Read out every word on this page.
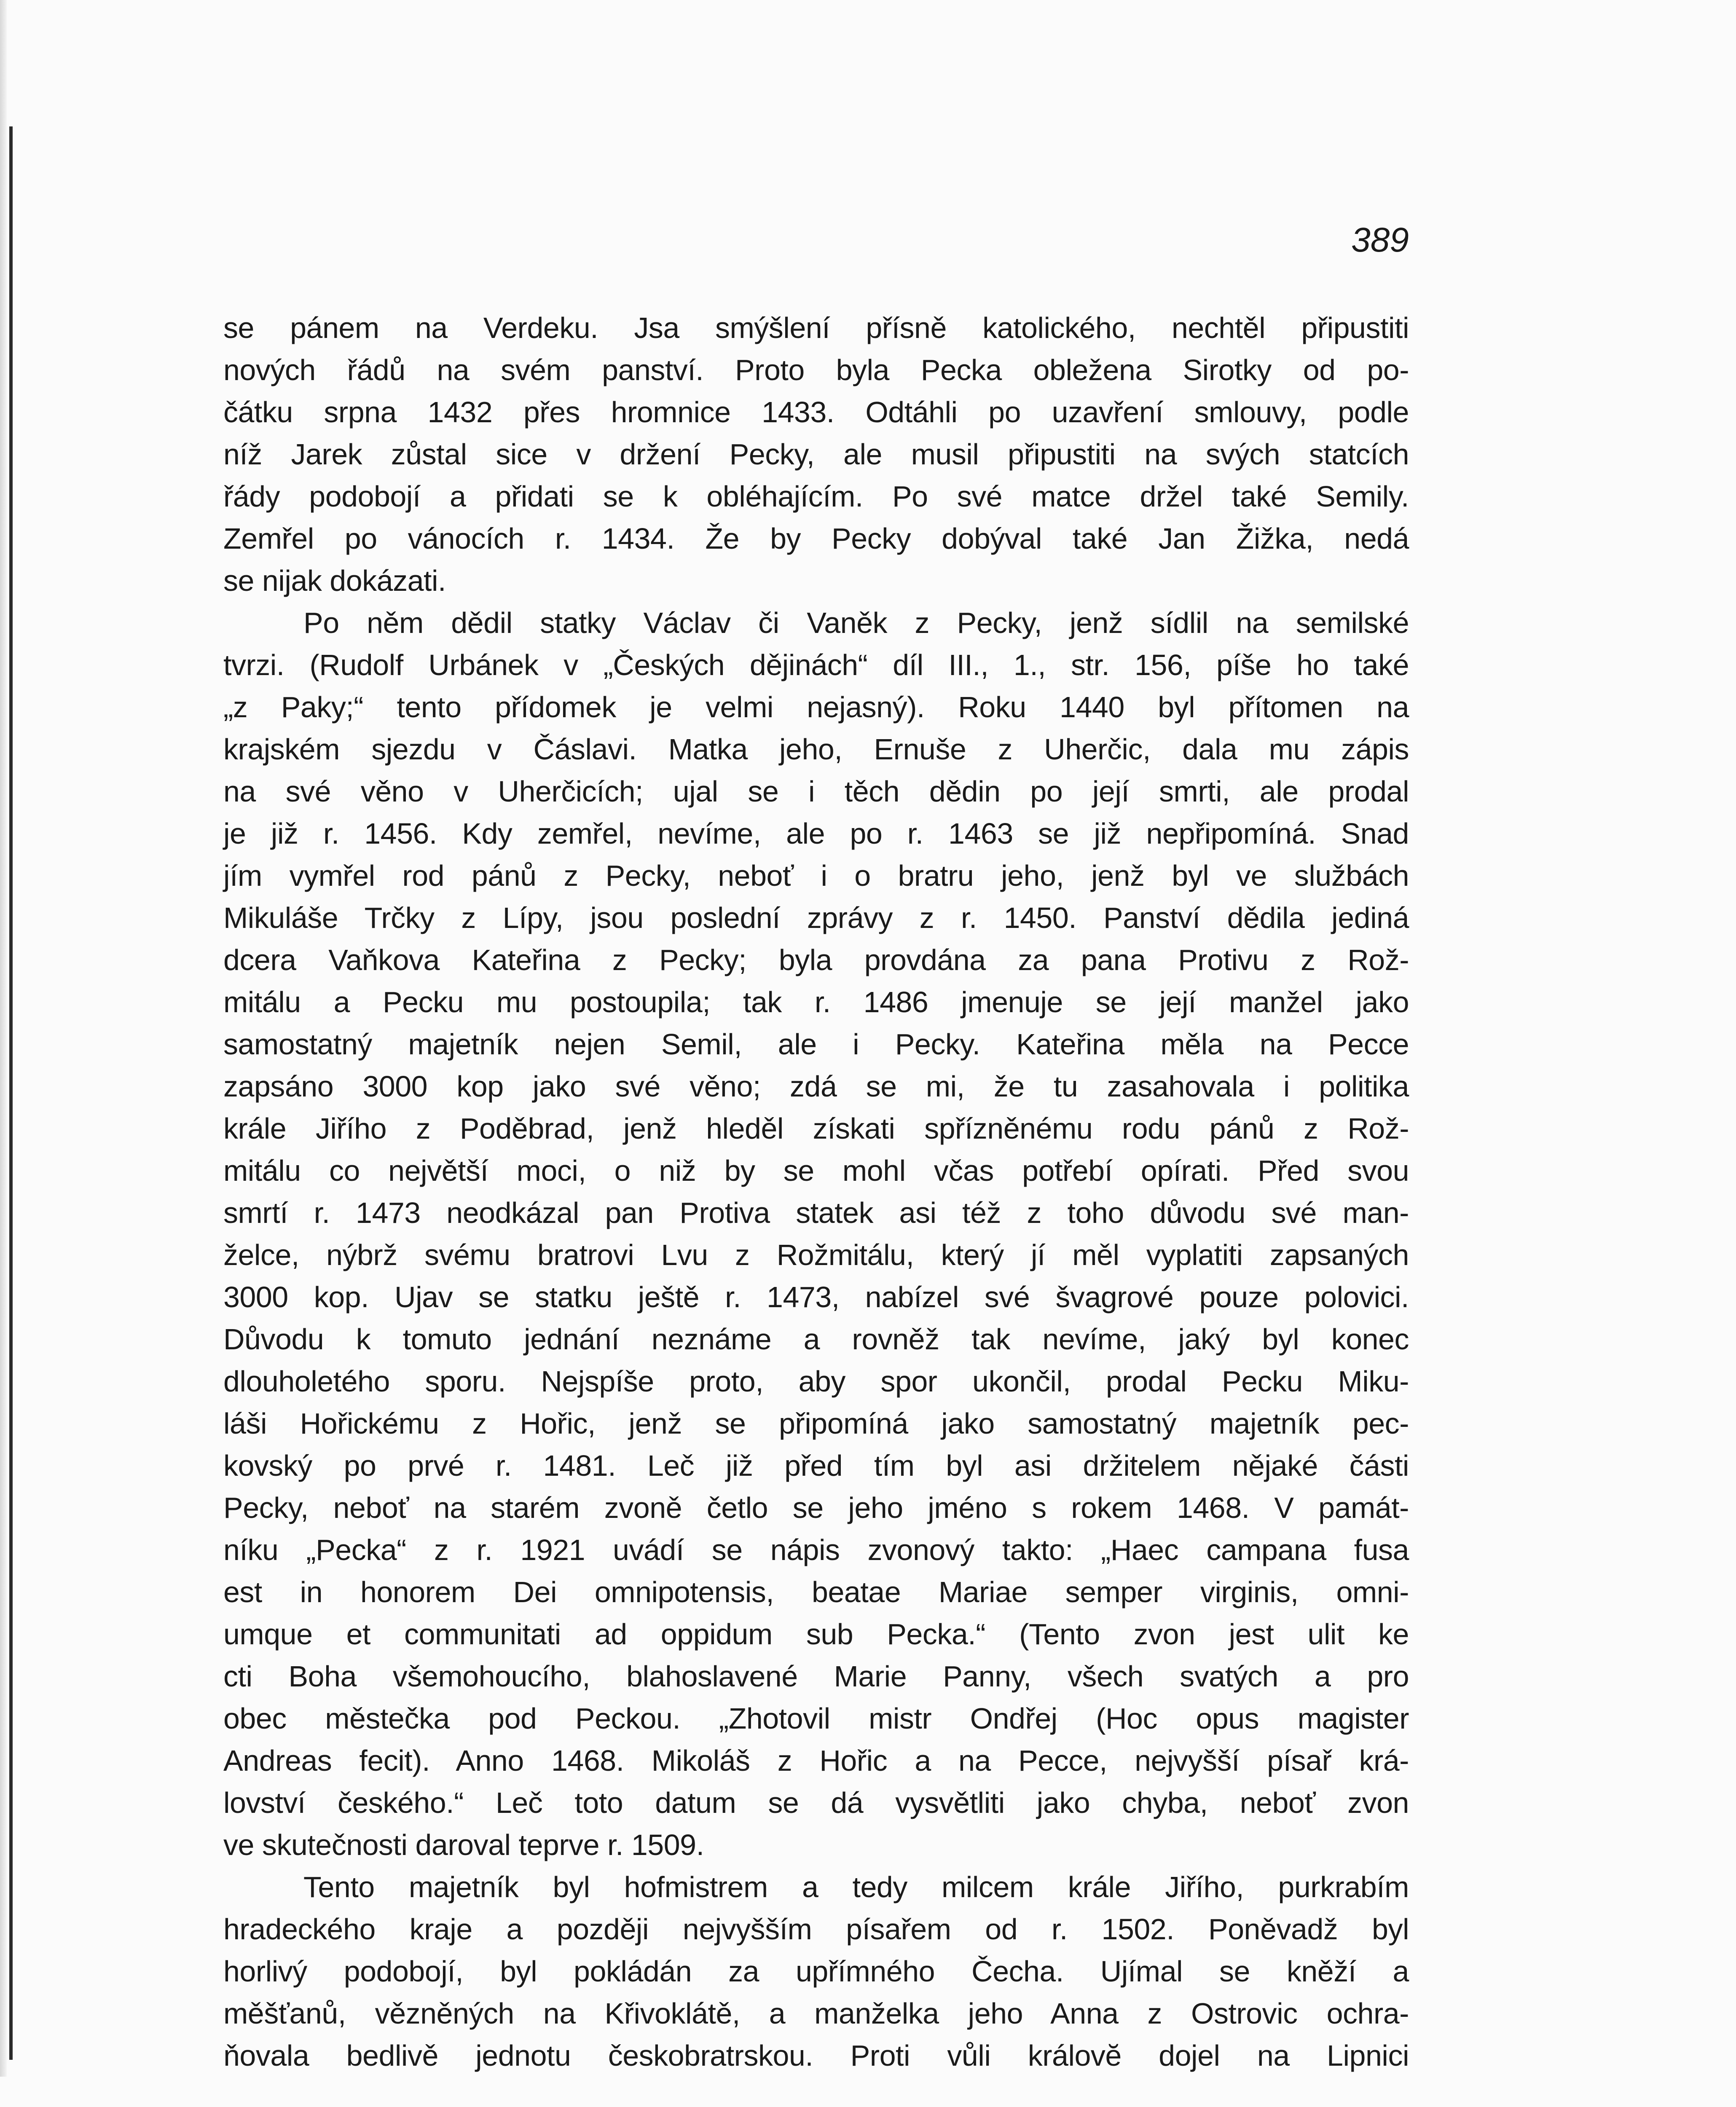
389
se pánem na Verdeku. Jsa smýšlení přísně katolického, nechtěl připustiti
nových řádů na svém panství. Proto byla Pecka obležena Sirotky od po-
čátku srpna 1432 přes hromnice 1433. Odtáhli po uzavření smlouvy, podle
níž Jarek zůstal sice v držení Pecky, ale musil připustiti na svých statcích
řády podobojí a přidati se k obléhajícím. Po své matce držel také Semily.
Zemřel po vánocích r. 1434. Že by Pecky dobýval také Jan Žižka, nedá
se nijak dokázati.
Po něm dědil statky Václav či Vaněk z Pecky, jenž sídlil na semilské
tvrzi. (Rudolf Urbánek v „Českých dějinách“ díl III., 1., str. 156, píše ho také
„z Paky;“ tento přídomek je velmi nejasný). Roku 1440 byl přítomen na
krajském sjezdu v Čáslavi. Matka jeho, Ernuše z Uherčic, dala mu zápis
na své věno v Uherčicích; ujal se i těch dědin po její smrti, ale prodal
je již r. 1456. Kdy zemřel, nevíme, ale po r. 1463 se již nepřipomíná. Snad
jím vymřel rod pánů z Pecky, neboť i o bratru jeho, jenž byl ve službách
Mikuláše Trčky z Lípy, jsou poslední zprávy z r. 1450. Panství dědila jediná
dcera Vaňkova Kateřina z Pecky; byla provdána za pana Protivu z Rož-
mitálu a Pecku mu postoupila; tak r. 1486 jmenuje se její manžel jako
samostatný majetník nejen Semil, ale i Pecky. Kateřina měla na Pecce
zapsáno 3000 kop jako své věno; zdá se mi, že tu zasahovala i politika
krále Jiřího z Poděbrad, jenž hleděl získati spřízněnému rodu pánů z Rož-
mitálu co největší moci, o niž by se mohl včas potřebí opírati. Před svou
smrtí r. 1473 neodkázal pan Protiva statek asi též z toho důvodu své man-
želce, nýbrž svému bratrovi Lvu z Rožmitálu, který jí měl vyplatiti zapsaných
3000 kop. Ujav se statku ještě r. 1473, nabízel své švagrové pouze polovici.
Důvodu k tomuto jednání neznáme a rovněž tak nevíme, jaký byl konec
dlouholetého sporu. Nejspíše proto, aby spor ukončil, prodal Pecku Miku-
láši Hořickému z Hořic, jenž se připomíná jako samostatný majetník pec-
kovský po prvé r. 1481. Leč již před tím byl asi držitelem nějaké části
Pecky, neboť na starém zvoně četlo se jeho jméno s rokem 1468. V památ-
níku „Pecka“ z r. 1921 uvádí se nápis zvonový takto: „Haec campana fusa
est in honorem Dei omnipotensis, beatae Mariae semper virginis, omni-
umque et communitati ad oppidum sub Pecka.“ (Tento zvon jest ulit ke
cti Boha všemohoucího, blahoslavené Marie Panny, všech svatých a pro
obec městečka pod Peckou. „Zhotovil mistr Ondřej (Hoc opus magister
Andreas fecit). Anno 1468. Mikoláš z Hořic a na Pecce, nejvyšší písař krá-
lovství českého.“ Leč toto datum se dá vysvětliti jako chyba, neboť zvon
ve skutečnosti daroval teprve r. 1509.
Tento majetník byl hofmistrem a tedy milcem krále Jiřího, purkrabím
hradeckého kraje a později nejvyšším písařem od r. 1502. Poněvadž byl
horlivý podobojí, byl pokládán za upřímného Čecha. Ujímal se kněží a
měšťanů, vězněných na Křivoklátě, a manželka jeho Anna z Ostrovic ochra-
ňovala bedlivě jednotu českobratrskou. Proti vůli královĕ dojel na Lipnici
